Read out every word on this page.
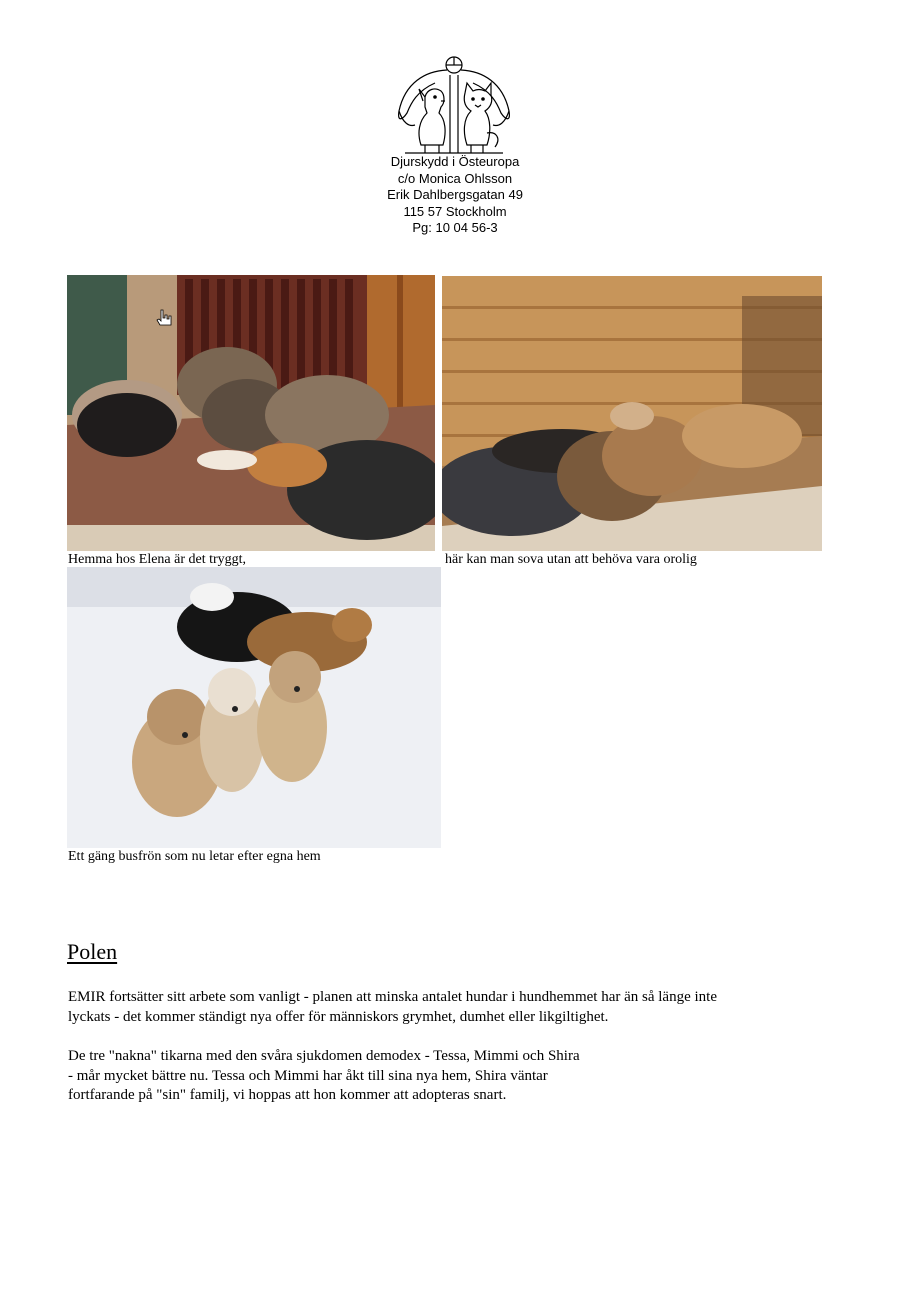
Djurskydd i Östeuropa
c/o Monica Ohlsson
Erik Dahlbergsgatan 49
115 57 Stockholm
Pg: 10 04 56-3
Hemma hos Elena är det tryggt,	här kan man sova utan att behöva vara orolig
Ett gäng busfrön som nu letar efter egna hem
Polen
EMIR fortsätter sitt arbete som vanligt - planen att minska antalet hundar i hundhemmet har än så länge inte
lyckats - det kommer ständigt nya offer för människors grymhet, dumhet eller likgiltighet.
De tre "nakna" tikarna med den svåra sjukdomen demodex - Tessa, Mimmi och Shira
- mår mycket bättre nu. Tessa och Mimmi har åkt till sina nya hem, Shira väntar
fortfarande på "sin" familj, vi hoppas att hon kommer att adopteras snart.
